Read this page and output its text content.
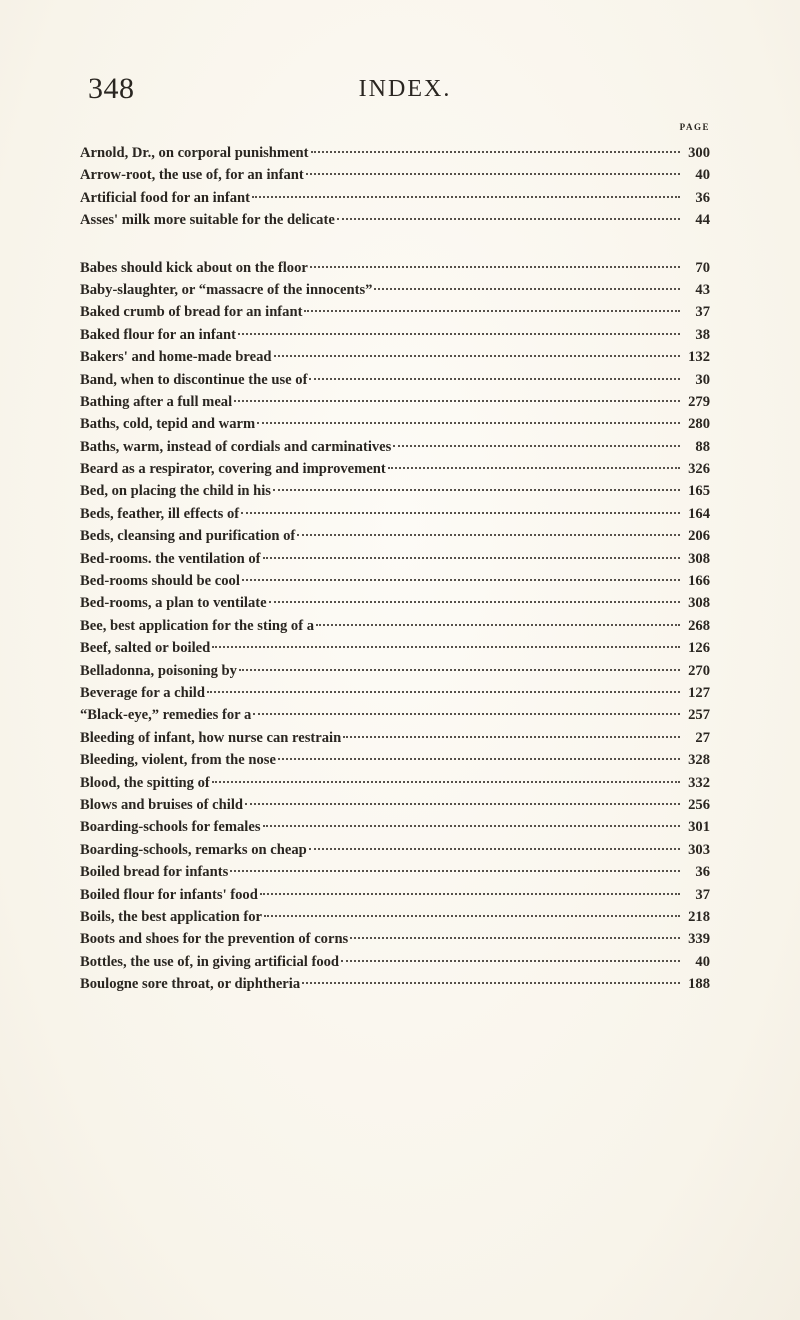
348	INDEX.
PAGE
Arnold, Dr., on corporal punishment	300
Arrow-root, the use of, for an infant	40
Artificial food for an infant	36
Asses' milk more suitable for the delicate	44
Babes should kick about on the floor	70
Baby-slaughter, or “massacre of the innocents”	43
Baked crumb of bread for an infant	37
Baked flour for an infant	38
Bakers' and home-made bread	132
Band, when to discontinue the use of	30
Bathing after a full meal	279
Baths, cold, tepid and warm	280
Baths, warm, instead of cordials and carminatives	88
Beard as a respirator, covering and improvement	326
Bed, on placing the child in his	165
Beds, feather, ill effects of	164
Beds, cleansing and purification of	206
Bed-rooms. the ventilation of	308
Bed-rooms should be cool	166
Bed-rooms, a plan to ventilate	308
Bee, best application for the sting of a	268
Beef, salted or boiled	126
Belladonna, poisoning by	270
Beverage for a child	127
“Black-eye,” remedies for a	257
Bleeding of infant, how nurse can restrain	27
Bleeding, violent, from the nose	328
Blood, the spitting of	332
Blows and bruises of child	256
Boarding-schools for females	301
Boarding-schools, remarks on cheap	303
Boiled bread for infants	36
Boiled flour for infants' food	37
Boils, the best application for	218
Boots and shoes for the prevention of corns	339
Bottles, the use of, in giving artificial food	40
Boulogne sore throat, or diphtheria	188
